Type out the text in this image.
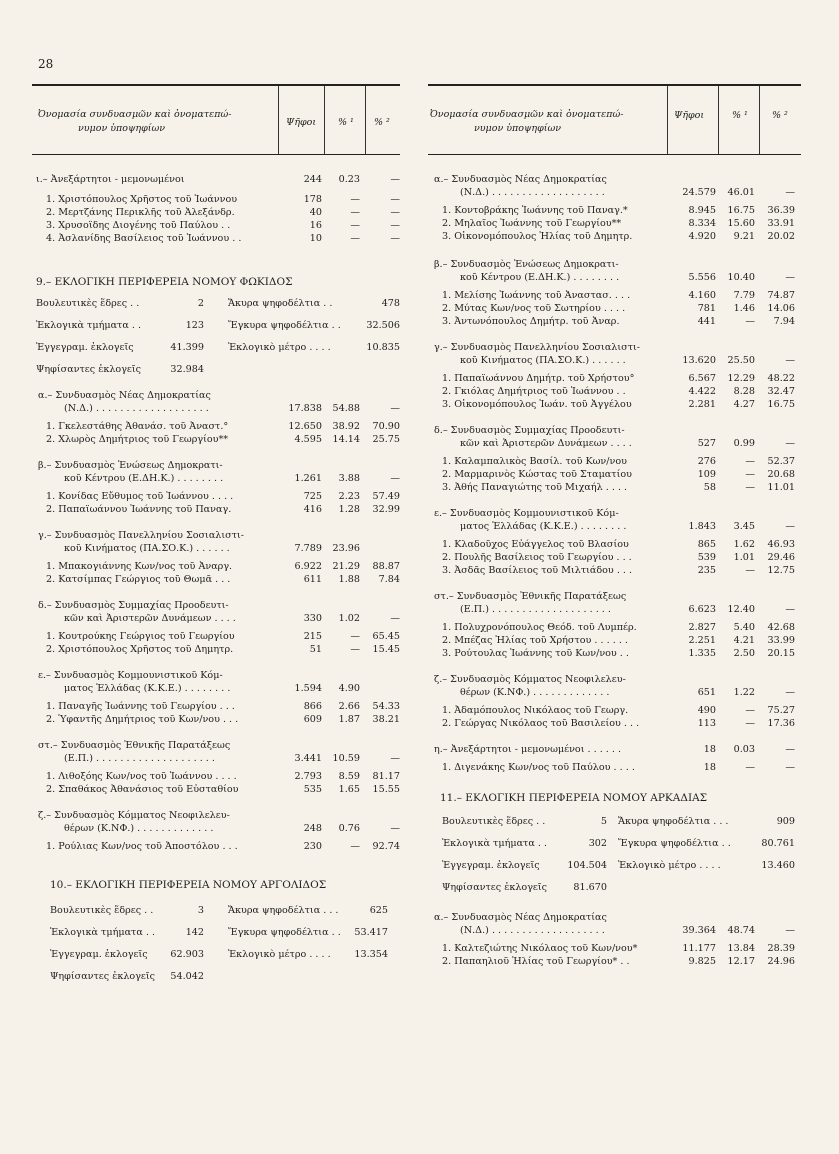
28
Ὀνομασία συνδυασμῶν καὶ ὀνοματεπώ-
νυμον ὑποψηφίων
Ψῆφοι % ¹ % ²
ι.– Ἀνεξάρτητοι - μεμονωμένοι	244 0.23	—
1. Χριστόπουλος Χρῆστος τοῦ Ἰωάννου	178	—	—
2. Μερτζάνης Περικλῆς τοῦ Ἀλεξάνδρ.	40	—	—
3. Χρυσοΐδης Διογένης τοῦ Παύλου . .	16	—	—
4. Ἀσλανίδης Βασίλειος τοῦ Ἰωάννου . .	10	—	—
9.– ΕΚΛΟΓΙΚΗ ΠΕΡΙΦΕΡΕΙΑ ΝΟΜΟΥ ΦΩΚΙΔΟΣ
Βουλευτικὲς ἕδρες . .	2	Ἄκυρα ψηφοδέλτια . .	478
Ἐκλογικὰ τμήματα . .	123	Ἔγκυρα ψηφοδέλτια . .	32.506
Ἐγγεγραμ. ἐκλογεῖς	41.399	Ἐκλογικὸ μέτρο . . . .	10.835
Ψηφίσαντες ἐκλογεῖς	32.984
α.– Συνδυασμὸς Νέας Δημοκρατίας
(Ν.Δ.) . . . . . . . . . . . . . . . . . . .	17.838 54.88	—
1. Γκελεστάθης Ἀθανάσ. τοῦ Ἀναστ.°	12.650 38.92 70.90
2. Χλωρὸς Δημήτριος τοῦ Γεωργίου**	4.595 14.14 25.75
β.– Συνδυασμὸς Ἐνώσεως Δημοκρατι-
κοῦ Κέντρου (Ε.ΔΗ.Κ.) . . . . . . . .	1.261 3.88	—
1. Κονίδας Εὔθυμος τοῦ Ἰωάννου . . . .	725 2.23 57.49
2. Παπαϊωάννου Ἰωάννης τοῦ Παναγ.	416 1.28 32.99
γ.– Συνδυασμὸς Πανελληνίου Σοσιαλιστι-
κοῦ Κινήματος (ΠΑ.ΣΟ.Κ.) . . . . . .	7.789 23.96
1. Μπακογιάννης Κων/νος τοῦ Ἀναργ.	6.922 21.29 88.87
2. Κατσίμπας Γεώργιος τοῦ Θωμᾶ . . .	611 1.88 7.84
δ.– Συνδυασμὸς Συμμαχίας Προοδευτι-
κῶν καὶ Ἀριστερῶν Δυνάμεων . . . .	330 1.02	—
1. Κουτρούκης Γεώργιος τοῦ Γεωργίου	215	— 65.45
2. Χριστόπουλος Χρῆστος τοῦ Δημητρ.	51	— 15.45
ε.– Συνδυασμὸς Κομμουνιστικοῦ Κόμ-
ματος Ἑλλάδας (Κ.Κ.Ε.) . . . . . . . .	1.594 4.90
1. Παναγῆς Ἰωάννης τοῦ Γεωργίου . . .	866 2.66 54.33
2. Ὑφαντῆς Δημήτριος τοῦ Κων/νου . . .	609 1.87 38.21
στ.– Συνδυασμὸς Ἐθνικῆς Παρατάξεως
(Ε.Π.) . . . . . . . . . . . . . . . . . . . .	3.441 10.59	—
1. Λιθοξόης Κων/νος τοῦ Ἰωάννου . . . .	2.793 8.59 81.17
2. Σπαθάκος Ἀθανάσιος τοῦ Εὐσταθίου	535 1.65 15.55
ζ.– Συνδυασμὸς Κόμματος Νεοφιλελευ-
θέρων (Κ.ΝΦ.) . . . . . . . . . . . . .	248 0.76	—
1. Ρούλιας Κων/νος τοῦ Ἀποστόλου . . .	230	— 92.74
10.– ΕΚΛΟΓΙΚΗ ΠΕΡΙΦΕΡΕΙΑ ΝΟΜΟΥ ΑΡΓΟΛΙΔΟΣ
Βουλευτικὲς ἕδρες . .	3	Ἄκυρα ψηφοδέλτια . . .	625
Ἐκλογικὰ τμήματα . .	142	Ἔγκυρα ψηφοδέλτια . . 53.417
Ἐγγεγραμ. ἐκλογεῖς 62.903	Ἐκλογικὸ μέτρο . . . . 13.354
Ψηφίσαντες ἐκλογεῖς 54.042
Ὀνομασία συνδυασμῶν καὶ ὀνοματεπώ-
νυμον ὑποψηφίων
Ψῆφοι	% ¹	% ²
α.– Συνδυασμὸς Νέας Δημοκρατίας
(Ν.Δ.) . . . . . . . . . . . . . . . . . . .	24.579 46.01	—
1. Κοντοβράκης Ἰωάννης τοῦ Παναγ.*	8.945 16.75 36.39
2. Μηλαῖος Ἰωάννης τοῦ Γεωργίου**	8.334 15.60 33.91
3. Οἰκονομόπουλος Ἠλίας τοῦ Δημητρ.	4.920 9.21 20.02
β.– Συνδυασμὸς Ἐνώσεως Δημοκρατι-
κοῦ Κέντρου (Ε.ΔΗ.Κ.) . . . . . . . .	5.556 10.40	—
1. Μελίσης Ἰωάννης τοῦ Ἀναστασ. . . .	4.160 7.79 74.87
2. Μύτας Κων/νος τοῦ Σωτηρίου . . . .	781 1.46 14.06
3. Ἀντωνόπουλος Δημήτρ. τοῦ Ἀναρ.	441	— 7.94
γ.– Συνδυασμὸς Πανελληνίου Σοσιαλιστι-
κοῦ Κινήματος (ΠΑ.ΣΟ.Κ.) . . . . . .	13.620 25.50	—
1. Παπαϊωάννου Δημήτρ. τοῦ Χρήστου°	6.567 12.29 48.22
2. Γκιόλας Δημήτριος τοῦ Ἰωάννου . .	4.422 8.28 32.47
3. Οἰκονομόπουλος Ἰωάν. τοῦ Ἀγγέλου	2.281 4.27 16.75
δ.– Συνδυασμὸς Συμμαχίας Προοδευτι-
κῶν καὶ Ἀριστερῶν Δυνάμεων . . . .	527 0.99	—
1. Καλαμπαλικὸς Βασίλ. τοῦ Κων/νου	276	— 52.37
2. Μαρμαρινὸς Κώστας τοῦ Σταματίου	109	— 20.68
3. Ἀθής Παναγιώτης τοῦ Μιχαήλ . . . .	58	— 11.01
ε.– Συνδυασμὸς Κομμουνιστικοῦ Κόμ-
ματος Ἑλλάδας (Κ.Κ.Ε.) . . . . . . . .	1.843 3.45	—
1. Κλαδοῦχος Εὐάγγελος τοῦ Βλασίου	865 1.62 46.93
2. Πουλῆς Βασίλειος τοῦ Γεωργίου . . .	539 1.01 29.46
3. Ἀσδᾶς Βασίλειος τοῦ Μιλτιάδου . . .	235	— 12.75
στ.– Συνδυασμὸς Ἐθνικῆς Παρατάξεως
(Ε.Π.) . . . . . . . . . . . . . . . . . . . .	6.623 12.40	—
1. Πολυχρονόπουλος Θεόδ. τοῦ Λυμπέρ.	2.827 5.40 42.68
2. Μπέζας Ἠλίας τοῦ Χρήστου . . . . . .	2.251 4.21 33.99
3. Ρούτουλας Ἰωάννης τοῦ Κων/νου . .	1.335 2.50 20.15
ζ.– Συνδυασμὸς Κόμματος Νεοφιλελευ-
θέρων (Κ.ΝΦ.) . . . . . . . . . . . . .	651 1.22	—
1. Ἀδαμόπουλος Νικόλαος τοῦ Γεωργ.	490	— 75.27
2. Γεώργας Νικόλαος τοῦ Βασιλείου . . .	113	— 17.36
η.– Ἀνεξάρτητοι - μεμονωμένοι . . . . . .	18 0.03	—
1. Διγενάκης Κων/νος τοῦ Παύλου . . . .	18	—	—
11.– ΕΚΛΟΓΙΚΗ ΠΕΡΙΦΕΡΕΙΑ ΝΟΜΟΥ ΑΡΚΑΔΙΑΣ
Βουλευτικὲς ἕδρες . .	5 Ἄκυρα ψηφοδέλτια . . .	909
Ἐκλογικὰ τμήματα . .	302 Ἔγκυρα ψηφοδέλτια . .	80.761
Ἐγγεγραμ. ἐκλογεῖς	104.504 Ἐκλογικὸ μέτρο . . . .	13.460
Ψηφίσαντες ἐκλογεῖς	81.670
α.– Συνδυασμὸς Νέας Δημοκρατίας
(Ν.Δ.) . . . . . . . . . . . . . . . . . . .	39.364 48.74	—
1. Καλτεζιώτης Νικόλαος τοῦ Κων/νου*	11.177 13.84 28.39
2. Παπαηλιοῦ Ἠλίας τοῦ Γεωργίου* . .	9.825 12.17 24.96
